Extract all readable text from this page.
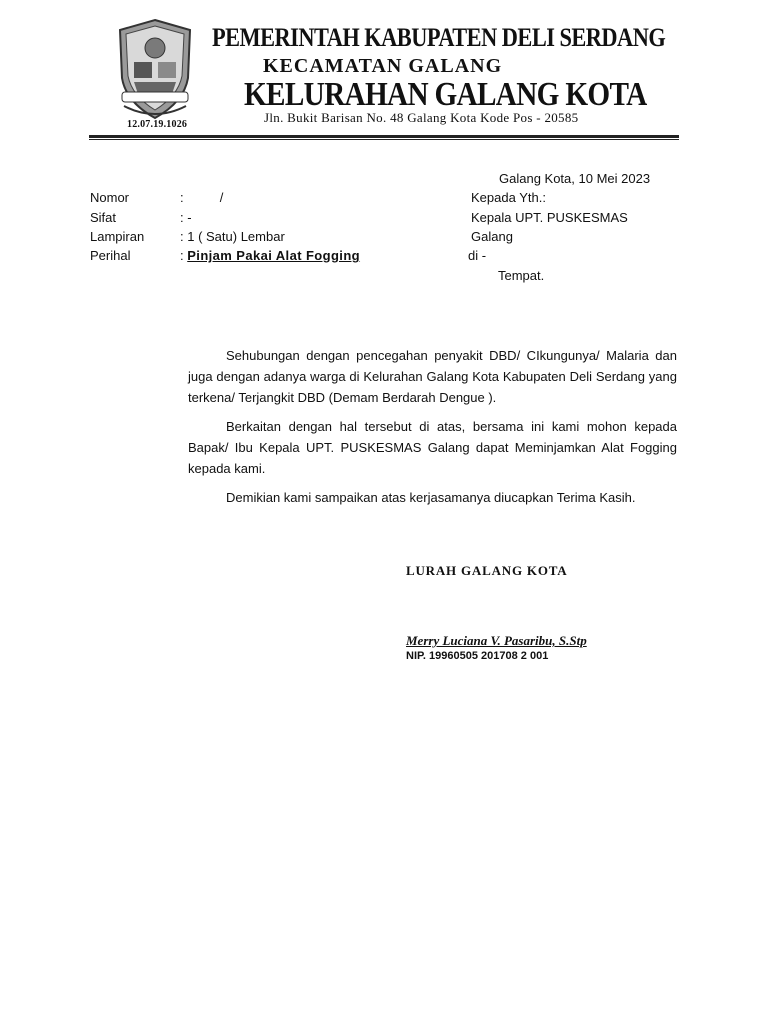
12.07.19.1026
PEMERINTAH KABUPATEN DELI SERDANG
KECAMATAN GALANG
KELURAHAN GALANG KOTA
Jln. Bukit Barisan No. 48 Galang Kota Kode Pos - 20585
Galang Kota, 10 Mei 2023
Nomor	:          /
Sifat	: -
Lampiran	: 1 ( Satu) Lembar
Perihal	: Pinjam Pakai Alat Fogging
Kepada Yth.:
Kepala UPT. PUSKESMAS
Galang
di -
Tempat.

Sehubungan dengan pencegahan penyakit DBD/ CIkungunya/ Malaria dan juga dengan adanya warga di Kelurahan Galang Kota Kabupaten Deli Serdang yang terkena/ Terjangkit DBD (Demam Berdarah Dengue ).

Berkaitan dengan hal tersebut di atas, bersama ini kami mohon kepada Bapak/ Ibu Kepala UPT. PUSKESMAS Galang dapat Meminjamkan Alat Fogging kepada kami.

Demikian kami sampaikan atas kerjasamanya diucapkan Terima Kasih.

LURAH GALANG KOTA
Merry Luciana V. Pasaribu, S.Stp
NIP. 19960505 201708 2 001
